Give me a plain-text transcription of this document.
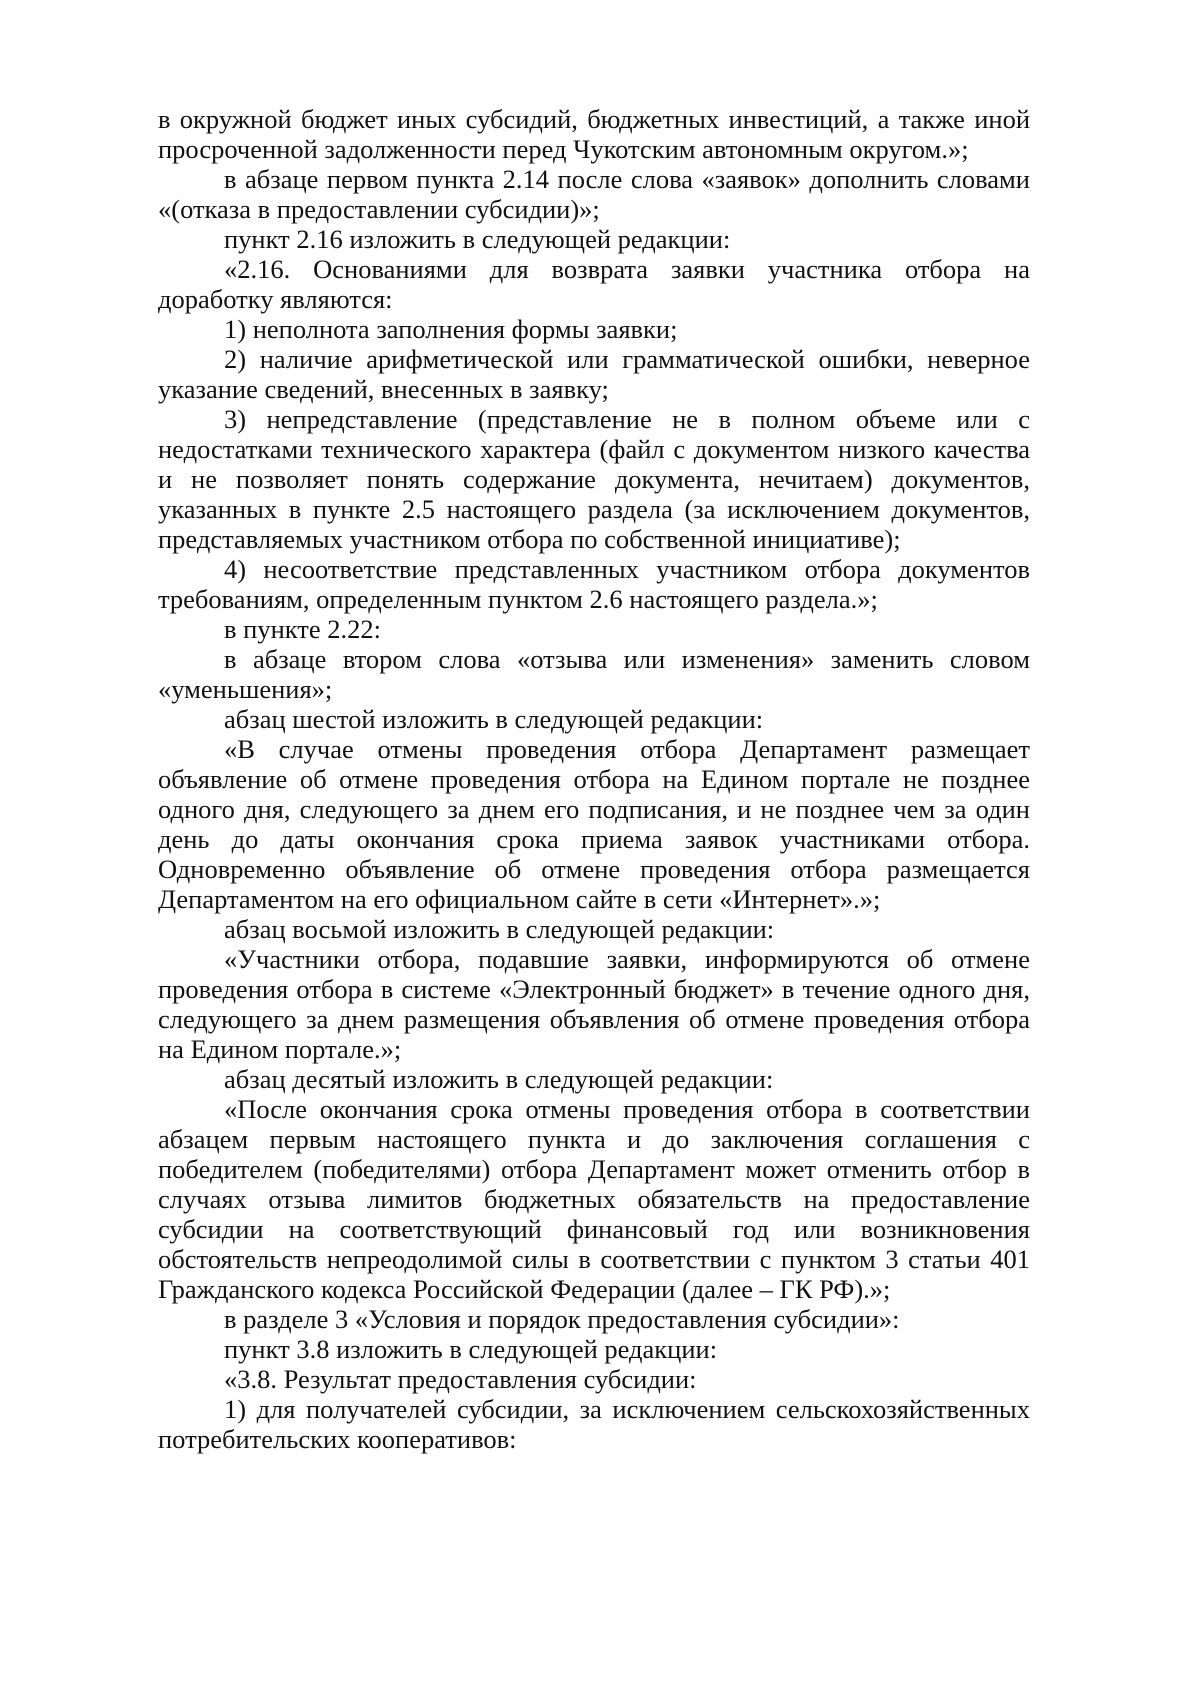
в окружной бюджет иных субсидий, бюджетных инвестиций, а также иной просроченной задолженности перед Чукотским автономным округом.»;

в абзаце первом пункта 2.14 после слова «заявок» дополнить словами «(отказа в предоставлении субсидии)»;

пункт 2.16 изложить в следующей редакции:

«2.16. Основаниями для возврата заявки участника отбора на доработку являются:

1) неполнота заполнения формы заявки;

2) наличие арифметической или грамматической ошибки, неверное указание сведений, внесенных в заявку;

3) непредставление (представление не в полном объеме или с недостатками технического характера (файл с документом низкого качества и не позволяет понять содержание документа, нечитаем) документов, указанных в пункте 2.5 настоящего раздела (за исключением документов, представляемых участником отбора по собственной инициативе);

4) несоответствие представленных участником отбора документов требованиям, определенным пунктом 2.6 настоящего раздела.»;

в пункте 2.22:

в абзаце втором слова «отзыва или изменения» заменить словом «уменьшения»;

абзац шестой изложить в следующей редакции:

«В случае отмены проведения отбора Департамент размещает объявление об отмене проведения отбора на Едином портале не позднее одного дня, следующего за днем его подписания, и не позднее чем за один день до даты окончания срока приема заявок участниками отбора. Одновременно объявление об отмене проведения отбора размещается Департаментом на его официальном сайте в сети «Интернет».»;

абзац восьмой изложить в следующей редакции:

«Участники отбора, подавшие заявки, информируются об отмене проведения отбора в системе «Электронный бюджет» в течение одного дня, следующего за днем размещения объявления об отмене проведения отбора на Едином портале.»;

абзац десятый изложить в следующей редакции:

«После окончания срока отмены проведения отбора в соответствии абзацем первым настоящего пункта и до заключения соглашения с победителем (победителями) отбора Департамент может отменить отбор в случаях отзыва лимитов бюджетных обязательств на предоставление субсидии на соответствующий финансовый год или возникновения обстоятельств непреодолимой силы в соответствии с пунктом 3 статьи 401 Гражданского кодекса Российской Федерации (далее – ГК РФ).»;

в разделе 3 «Условия и порядок предоставления субсидии»:

пункт 3.8 изложить в следующей редакции:

«3.8. Результат предоставления субсидии:

1) для получателей субсидии, за исключением сельскохозяйственных потребительских кооперативов:
